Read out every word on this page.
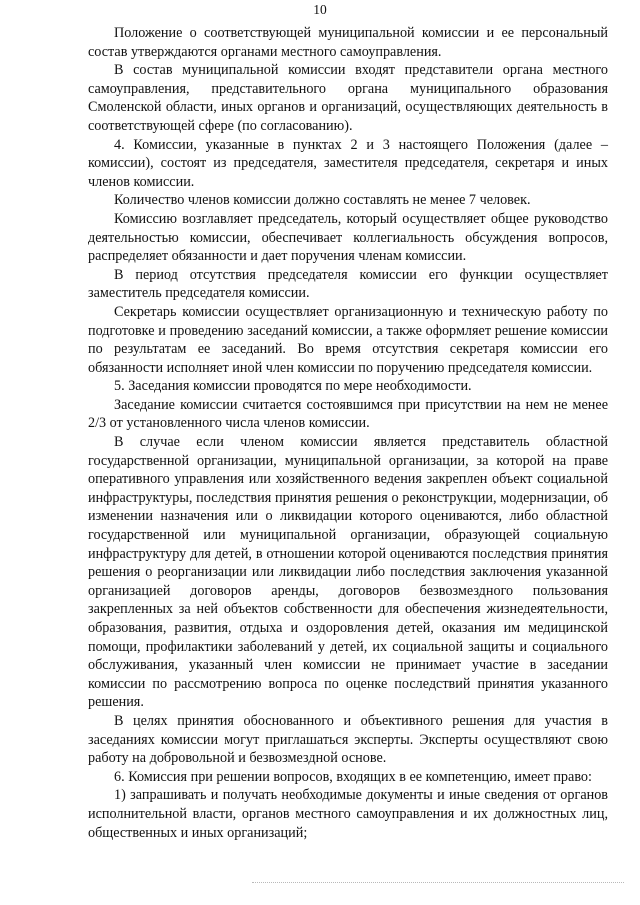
10

Положение о соответствующей муниципальной комиссии и ее персональный состав утверждаются органами местного самоуправления.

В состав муниципальной комиссии входят представители органа местного самоуправления, представительного органа муниципального образования Смоленской области, иных органов и организаций, осуществляющих деятельность в соответствующей сфере (по согласованию).

4. Комиссии, указанные в пунктах 2 и 3 настоящего Положения (далее – комиссии), состоят из председателя, заместителя председателя, секретаря и иных членов комиссии.

Количество членов комиссии должно составлять не менее 7 человек.

Комиссию возглавляет председатель, который осуществляет общее руководство деятельностью комиссии, обеспечивает коллегиальность обсуждения вопросов, распределяет обязанности и дает поручения членам комиссии.

В период отсутствия председателя комиссии его функции осуществляет заместитель председателя комиссии.

Секретарь комиссии осуществляет организационную и техническую работу по подготовке и проведению заседаний комиссии, а также оформляет решение комиссии по результатам ее заседаний. Во время отсутствия секретаря комиссии его обязанности исполняет иной член комиссии по поручению председателя комиссии.

5. Заседания комиссии проводятся по мере необходимости.

Заседание комиссии считается состоявшимся при присутствии на нем не менее 2/3 от установленного числа членов комиссии.

В случае если членом комиссии является представитель областной государственной организации, муниципальной организации, за которой на праве оперативного управления или хозяйственного ведения закреплен объект социальной инфраструктуры, последствия принятия решения о реконструкции, модернизации, об изменении назначения или о ликвидации которого оцениваются, либо областной государственной или муниципальной организации, образующей социальную инфраструктуру для детей, в отношении которой оцениваются последствия принятия решения о реорганизации или ликвидации либо последствия заключения указанной организацией договоров аренды, договоров безвозмездного пользования закрепленных за ней объектов собственности для обеспечения жизнедеятельности, образования, развития, отдыха и оздоровления детей, оказания им медицинской помощи, профилактики заболеваний у детей, их социальной защиты и социального обслуживания, указанный член комиссии не принимает участие в заседании комиссии по рассмотрению вопроса по оценке последствий принятия указанного решения.

В целях принятия обоснованного и объективного решения для участия в заседаниях комиссии могут приглашаться эксперты. Эксперты осуществляют свою работу на добровольной и безвозмездной основе.

6. Комиссия при решении вопросов, входящих в ее компетенцию, имеет право:

1) запрашивать и получать необходимые документы и иные сведения от органов исполнительной власти, органов местного самоуправления и их должностных лиц, общественных и иных организаций;
